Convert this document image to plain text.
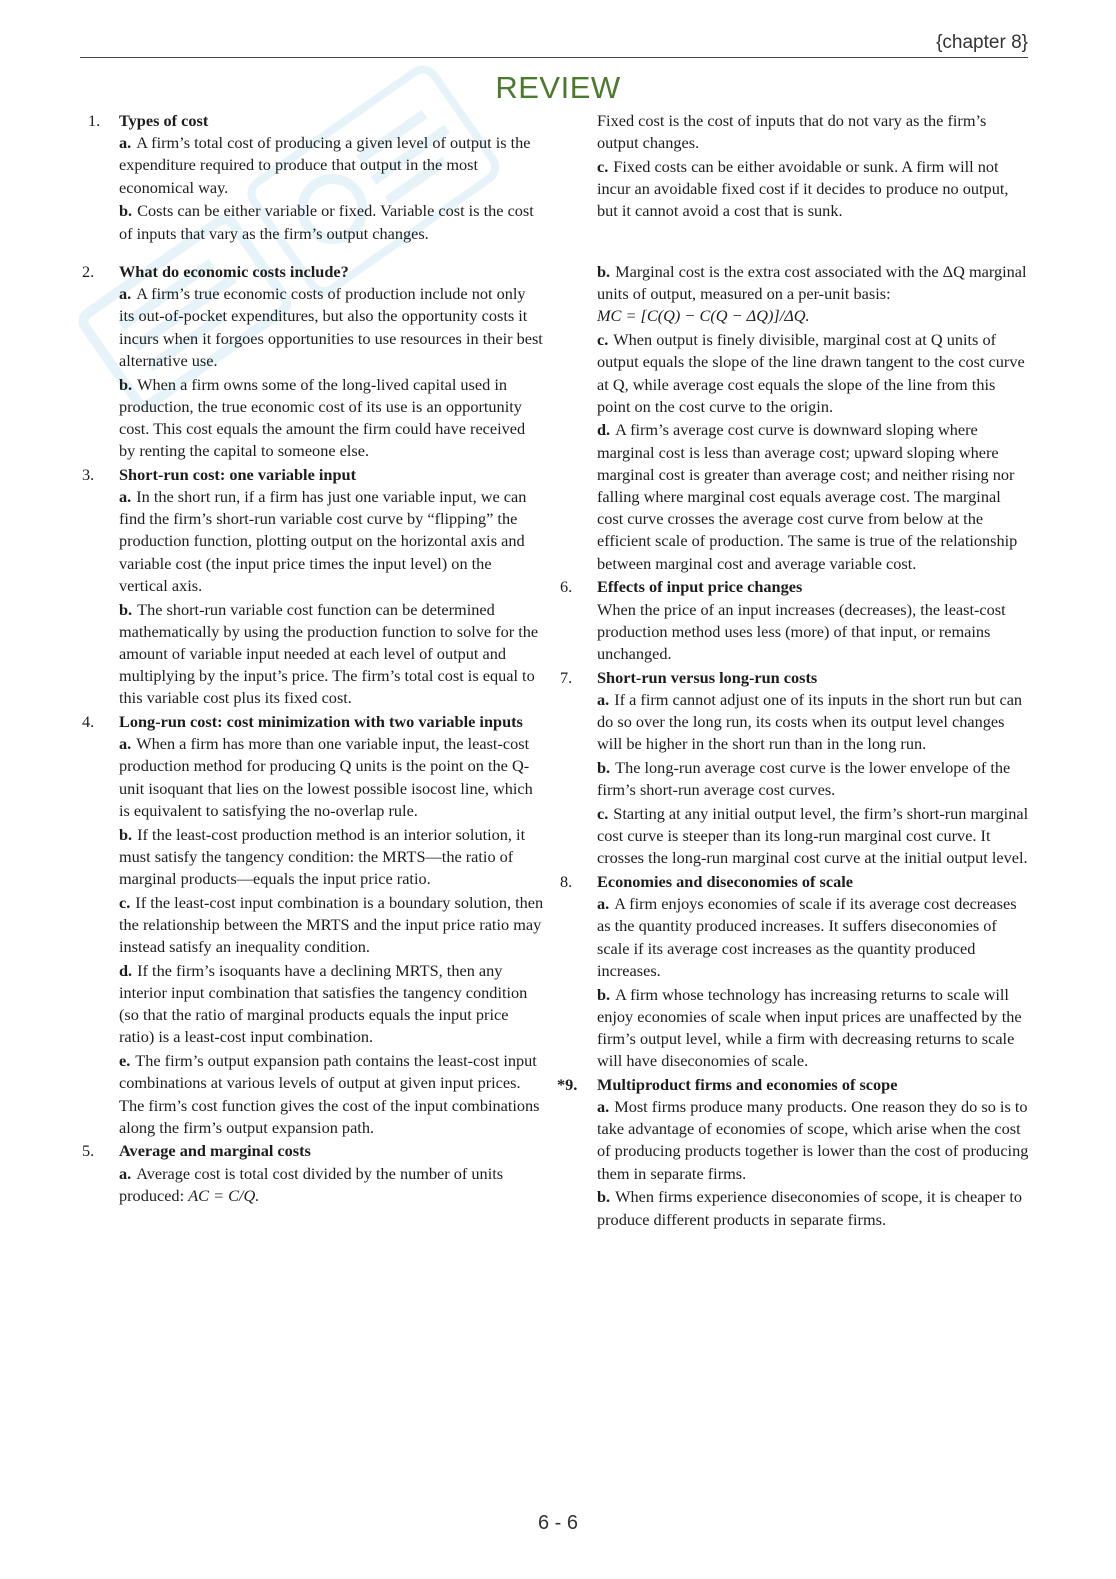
{chapter 8}
REVIEW
1.	Types of cost
a. A firm’s total cost of producing a given level of output is the expenditure required to produce that output in the most economical way.
b. Costs can be either variable or fixed. Variable cost is the cost of inputs that vary as the firm’s output changes.
2.	What do economic costs include?
a. A firm’s true economic costs of production include not only its out-of-pocket expenditures, but also the opportunity costs it incurs when it forgoes opportunities to use resources in their best alternative use.
b. When a firm owns some of the long-lived capital used in production, the true economic cost of its use is an opportunity cost. This cost equals the amount the firm could have received by renting the capital to someone else.
3.	Short-run cost: one variable input
a. In the short run, if a firm has just one variable input, we can find the firm’s short-run variable cost curve by “flipping” the production function, plotting output on the horizontal axis and variable cost (the input price times the input level) on the vertical axis.
b. The short-run variable cost function can be determined mathematically by using the production function to solve for the amount of variable input needed at each level of output and multiplying by the input’s price. The firm’s total cost is equal to this variable cost plus its fixed cost.
4.	Long-run cost: cost minimization with two variable inputs
a. When a firm has more than one variable input, the least-cost production method for producing Q units is the point on the Q-unit isoquant that lies on the lowest possible isocost line, which is equivalent to satisfying the no-overlap rule.
b. If the least-cost production method is an interior solution, it must satisfy the tangency condition: the MRTS—the ratio of marginal products—equals the input price ratio.
c. If the least-cost input combination is a boundary solution, then the relationship between the MRTS and the input price ratio may instead satisfy an inequality condition.
d. If the firm’s isoquants have a declining MRTS, then any interior input combination that satisfies the tangency condition (so that the ratio of marginal products equals the input price ratio) is a least-cost input combination.
e. The firm’s output expansion path contains the least-cost input combinations at various levels of output at given input prices. The firm’s cost function gives the cost of the input combinations along the firm’s output expansion path.
5.	Average and marginal costs
a. Average cost is total cost divided by the number of units produced: AC = C/Q.
Fixed cost is the cost of inputs that do not vary as the firm’s output changes.
c. Fixed costs can be either avoidable or sunk. A firm will not incur an avoidable fixed cost if it decides to produce no output, but it cannot avoid a cost that is sunk.
b. Marginal cost is the extra cost associated with the ΔQ marginal units of output, measured on a per-unit basis:
MC = [C(Q) − C(Q − ΔQ)]/ΔQ.
c. When output is finely divisible, marginal cost at Q units of output equals the slope of the line drawn tangent to the cost curve at Q, while average cost equals the slope of the line from this point on the cost curve to the origin.
d. A firm’s average cost curve is downward sloping where marginal cost is less than average cost; upward sloping where marginal cost is greater than average cost; and neither rising nor falling where marginal cost equals average cost. The marginal cost curve crosses the average cost curve from below at the efficient scale of production. The same is true of the relationship between marginal cost and average variable cost.
6.	Effects of input price changes
When the price of an input increases (decreases), the least-cost production method uses less (more) of that input, or remains unchanged.
7.	Short-run versus long-run costs
a. If a firm cannot adjust one of its inputs in the short run but can do so over the long run, its costs when its output level changes will be higher in the short run than in the long run.
b. The long-run average cost curve is the lower envelope of the firm’s short-run average cost curves.
c. Starting at any initial output level, the firm’s short-run marginal cost curve is steeper than its long-run marginal cost curve. It crosses the long-run marginal cost curve at the initial output level.
8.	Economies and diseconomies of scale
a. A firm enjoys economies of scale if its average cost decreases as the quantity produced increases. It suffers diseconomies of scale if its average cost increases as the quantity produced increases.
b. A firm whose technology has increasing returns to scale will enjoy economies of scale when input prices are unaffected by the firm’s output level, while a firm with decreasing returns to scale will have diseconomies of scale.
*9.	Multiproduct firms and economies of scope
a. Most firms produce many products. One reason they do so is to take advantage of economies of scope, which arise when the cost of producing products together is lower than the cost of producing them in separate firms.
b. When firms experience diseconomies of scope, it is cheaper to produce different products in separate firms.
6 - 6
